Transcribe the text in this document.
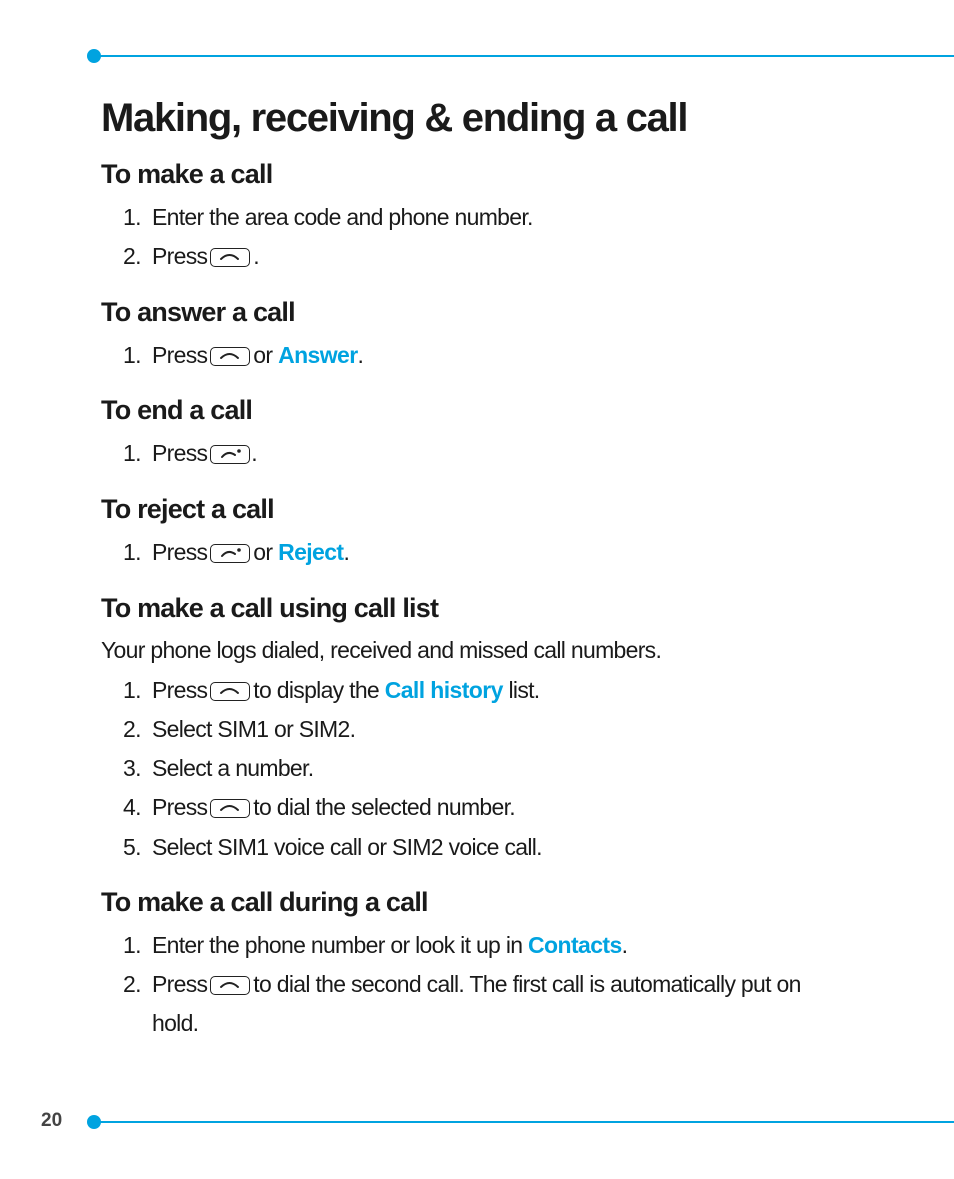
20
Making, receiving & ending a call
To make a call
1. Enter the area code and phone number.
2. Press .
To answer a call
1. Press or Answer.
To end a call
1. Press .
To reject a call
1. Press or Reject.
To make a call using call list
Your phone logs dialed, received and missed call numbers.
1. Press to display the Call history list.
2. Select SIM1 or SIM2.
3. Select a number.
4. Press to dial the selected number.
5. Select SIM1 voice call or SIM2 voice call.
To make a call during a call
1. Enter the phone number or look it up in Contacts.
2. Press to dial the second call. The first call is automatically put on
hold.
